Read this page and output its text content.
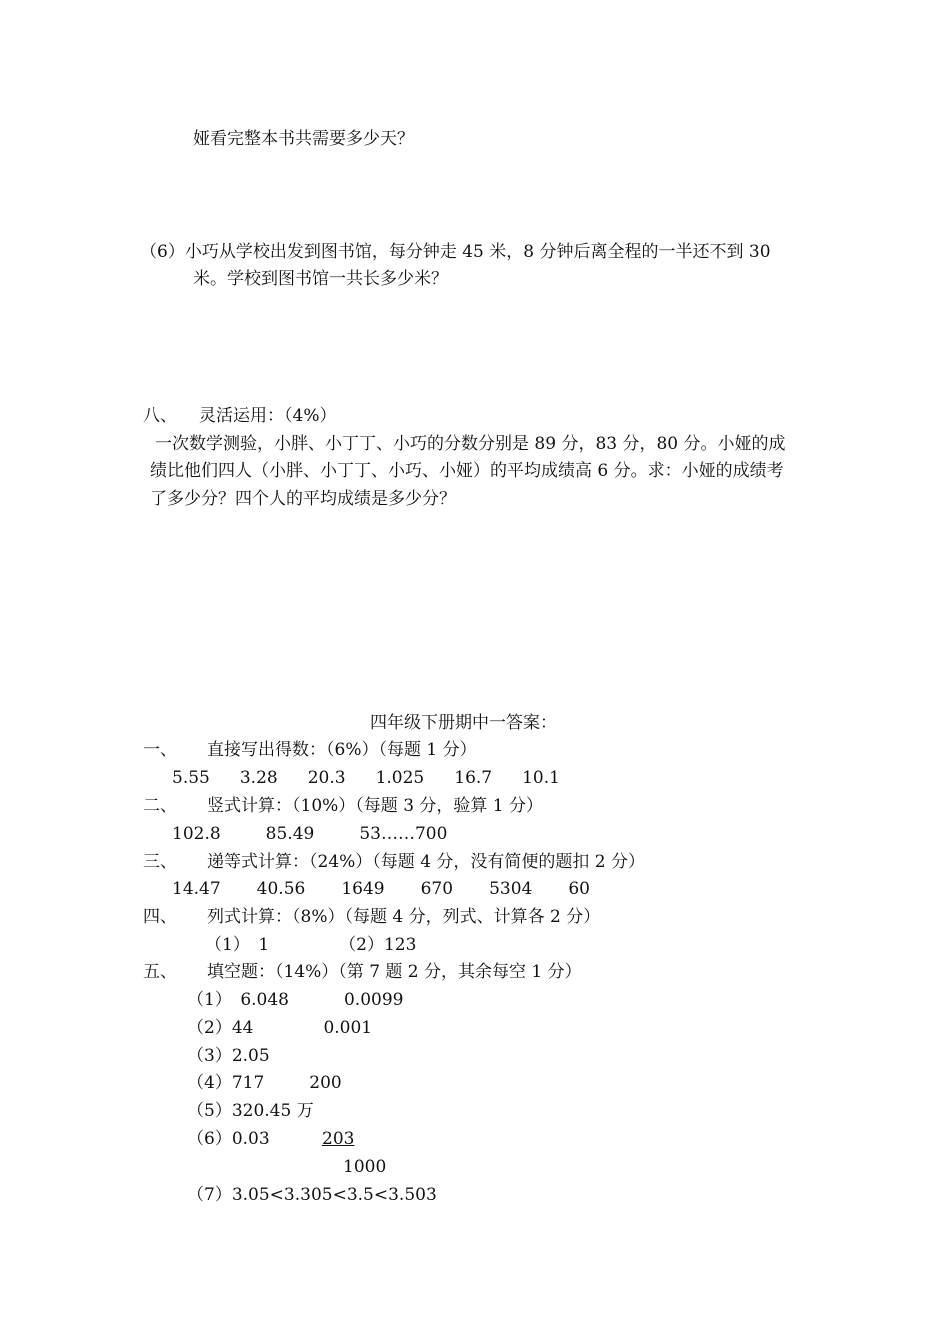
娅看完整本书共需要多少天？
（6）小巧从学校出发到图书馆，每分钟走 45 米，8 分钟后离全程的一半还不到 30
米。学校到图书馆一共长多少米？
八、 灵活运用：（4%）
一次数学测验，小胖、小丁丁、小巧的分数分别是 89 分，83 分，80 分。小娅的成
绩比他们四人（小胖、小丁丁、小巧、小娅）的平均成绩高 6 分。求：小娅的成绩考
了多少分？四个人的平均成绩是多少分？
四年级下册期中一答案：
一、 直接写出得数：（6%）（每题 1 分）
5.55 3.28 20.3 1.025 16.7 10.1
二、 竖式计算：（10%）（每题 3 分，验算 1 分）
102.8	85.49	53……700
三、 递等式计算：（24%）（每题 4 分，没有简便的题扣 2 分）
14.47 40.56 1649 670 5304 60
四、 列式计算：（8%）（每题 4 分，列式、计算各 2 分）
（1）　1	（2）123
五、 填空题：（14%）（第 7 题 2 分，其余每空 1 分）
（1）　6.048	0.0099
（2）44	0.001
（3）2.05
（4）717	200
（5）320.45 万
（6）0.03	203
1000
（7）3.05<3.305<3.5<3.503
